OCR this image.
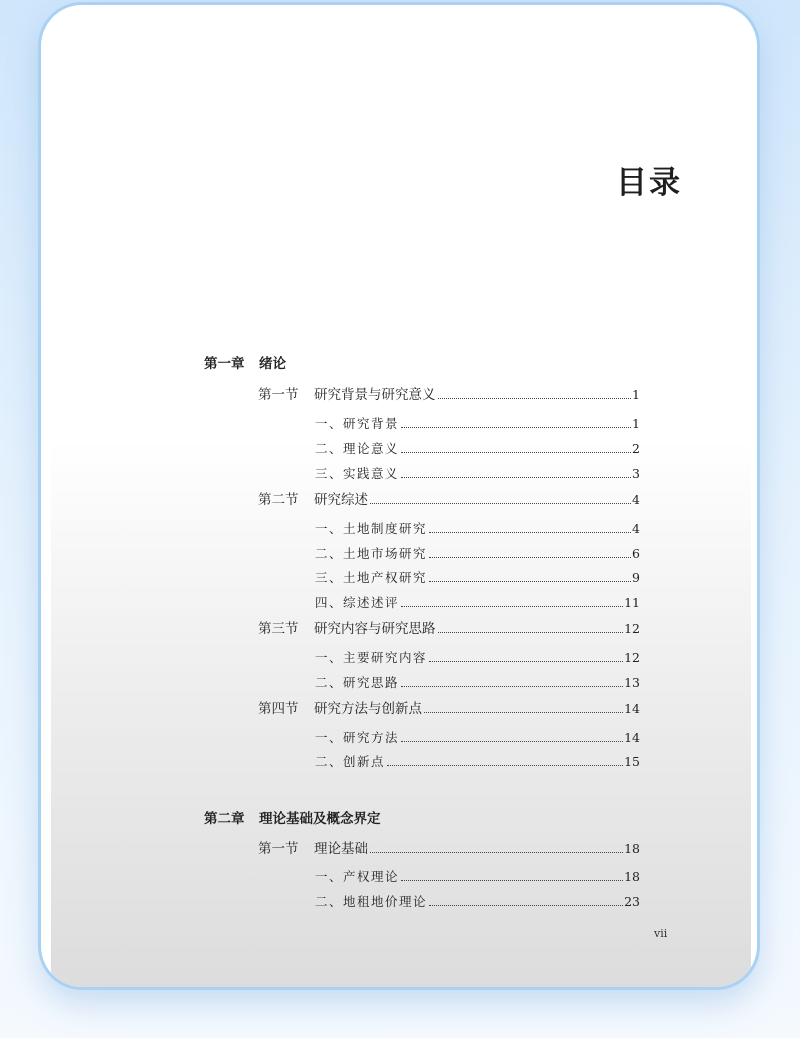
目录
第一章	绪论
第一节	研究背景与研究意义	1
一、研究背景	1
二、理论意义	2
三、实践意义	3
第二节	研究综述	4
一、土地制度研究	4
二、土地市场研究	6
三、土地产权研究	9
四、综述述评	11
第三节	研究内容与研究思路	12
一、主要研究内容	12
二、研究思路	13
第四节	研究方法与创新点	14
一、研究方法	14
二、创新点	15
第二章	理论基础及概念界定
第一节	理论基础	18
一、产权理论	18
二、地租地价理论	23
vii
